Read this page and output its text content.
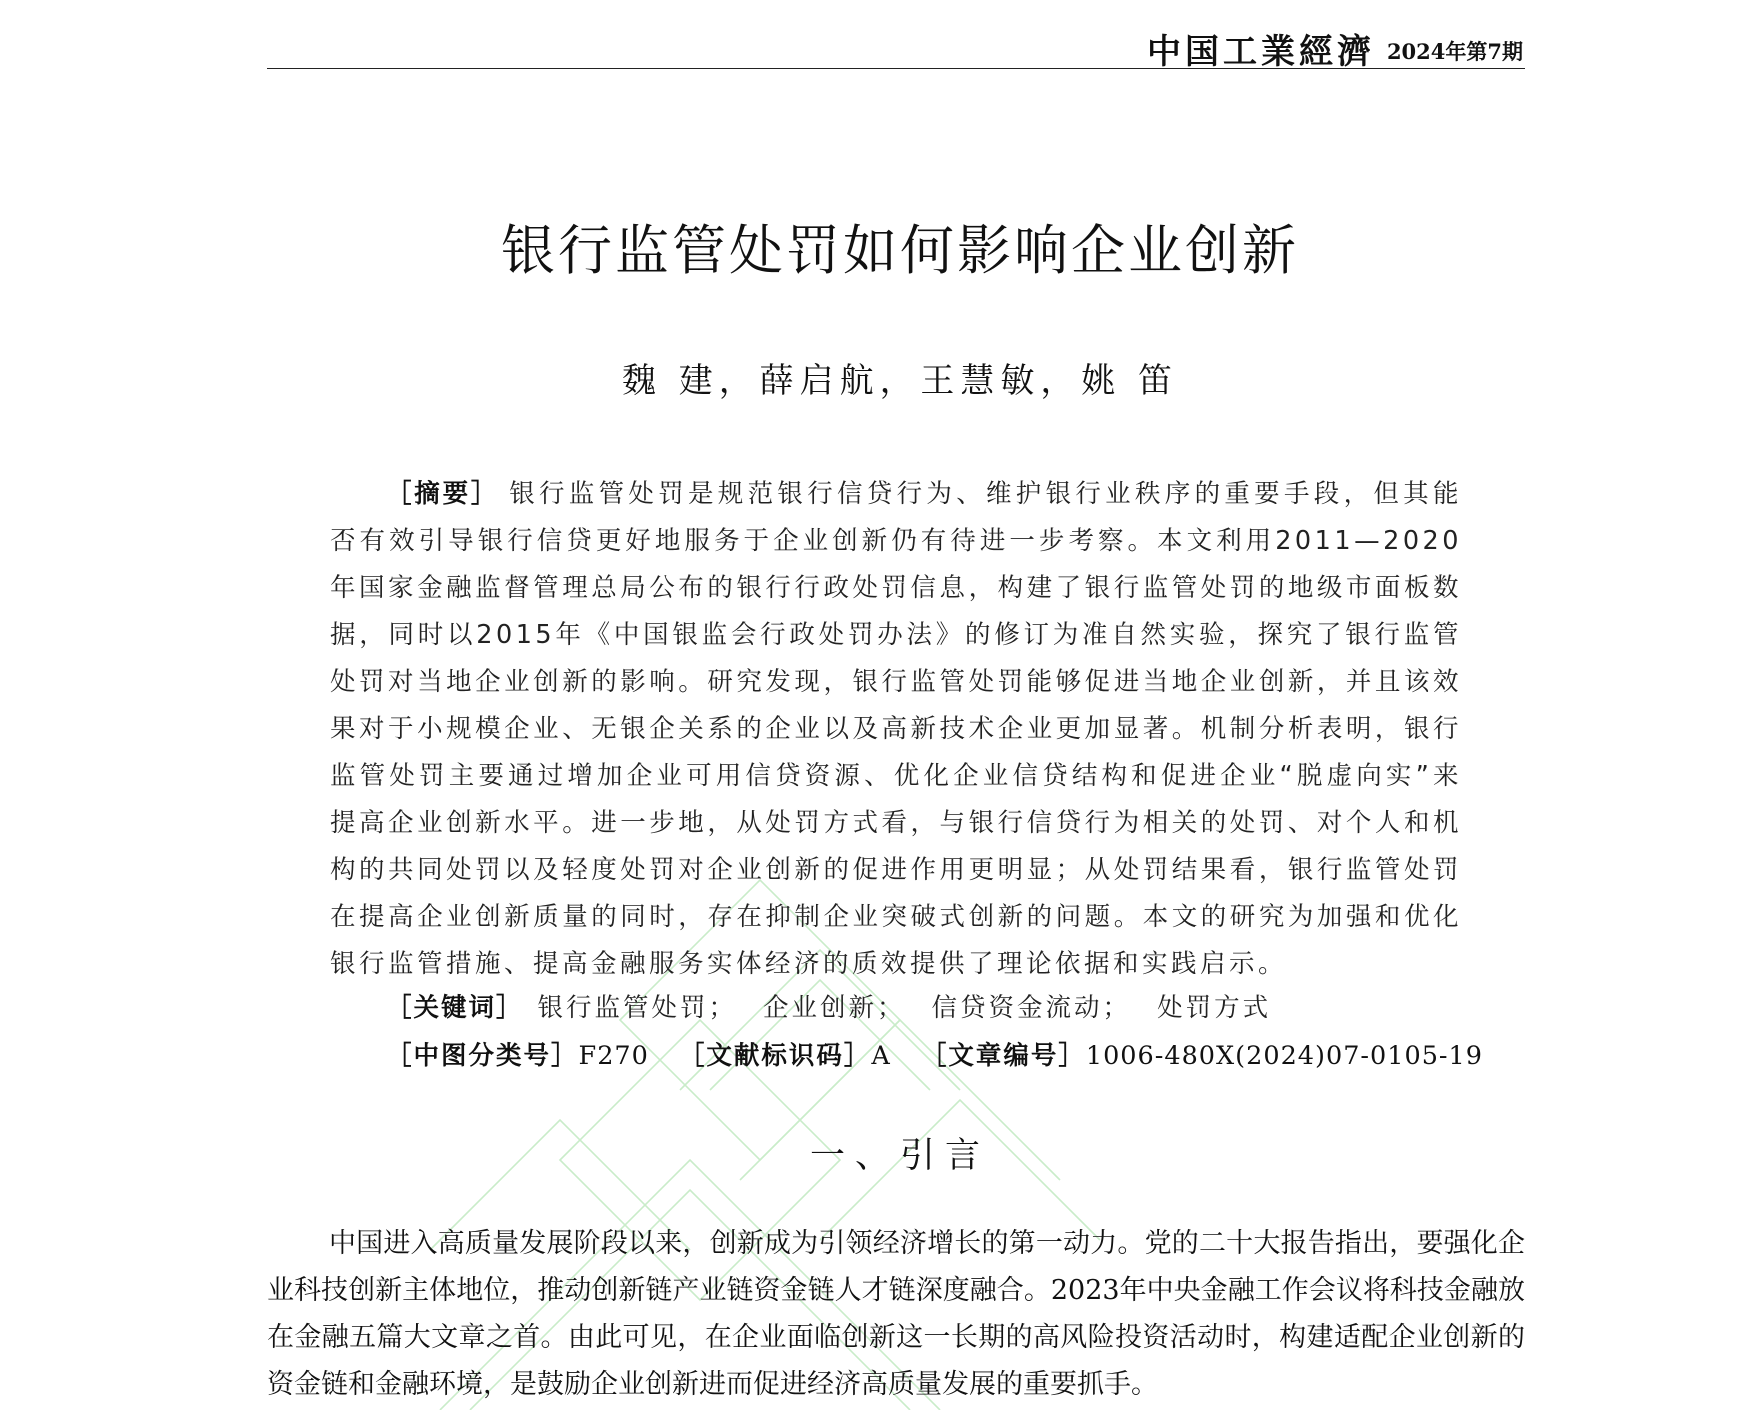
中国工業經濟 2024年第7期
银行监管处罚如何影响企业创新
魏 建， 薛启航， 王慧敏， 姚 笛
［摘要］ 银行监管处罚是规范银行信贷行为、维护银行业秩序的重要手段，但其能否有效引导银行信贷更好地服务于企业创新仍有待进一步考察。本文利用2011—2020年国家金融监督管理总局公布的银行行政处罚信息，构建了银行监管处罚的地级市面板数据，同时以2015年《中国银监会行政处罚办法》的修订为准自然实验，探究了银行监管处罚对当地企业创新的影响。研究发现，银行监管处罚能够促进当地企业创新，并且该效果对于小规模企业、无银企关系的企业以及高新技术企业更加显著。机制分析表明，银行监管处罚主要通过增加企业可用信贷资源、优化企业信贷结构和促进企业“脱虚向实”来提高企业创新水平。进一步地，从处罚方式看，与银行信贷行为相关的处罚、对个人和机构的共同处罚以及轻度处罚对企业创新的促进作用更明显；从处罚结果看，银行监管处罚在提高企业创新质量的同时，存在抑制企业突破式创新的问题。本文的研究为加强和优化银行监管措施、提高金融服务实体经济的质效提供了理论依据和实践启示。
［关键词］ 银行监管处罚； 企业创新； 信贷资金流动； 处罚方式
［中图分类号］F270 ［文献标识码］A ［文章编号］1006-480X(2024)07-0105-19
一、引言
中国进入高质量发展阶段以来，创新成为引领经济增长的第一动力。党的二十大报告指出，要强化企业科技创新主体地位，推动创新链产业链资金链人才链深度融合。2023年中央金融工作会议将科技金融放在金融五篇大文章之首。由此可见，在企业面临创新这一长期的高风险投资活动时，构建适配企业创新的资金链和金融环境，是鼓励企业创新进而促进经济高质量发展的重要抓手。
